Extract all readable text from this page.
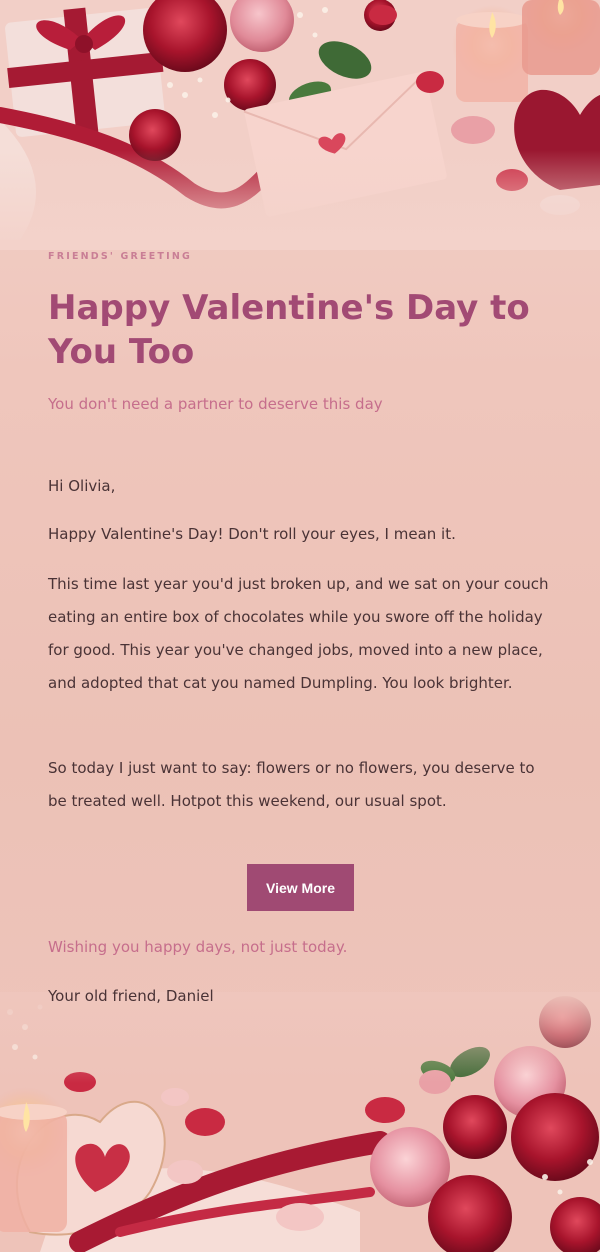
FRIENDS' GREETING
Happy Valentine's Day to You Too
You don't need a partner to deserve this day

Hi Olivia,

Happy Valentine's Day! Don't roll your eyes, I mean it.

This time last year you'd just broken up, and we sat on your couch eating an entire box of chocolates while you swore off the holiday for good. This year you've changed jobs, moved into a new place, and adopted that cat you named Dumpling. You look brighter.

So today I just want to say: flowers or no flowers, you deserve to be treated well. Hotpot this weekend, our usual spot.

View More
Wishing you happy days, not just today.
Your old friend, Daniel
